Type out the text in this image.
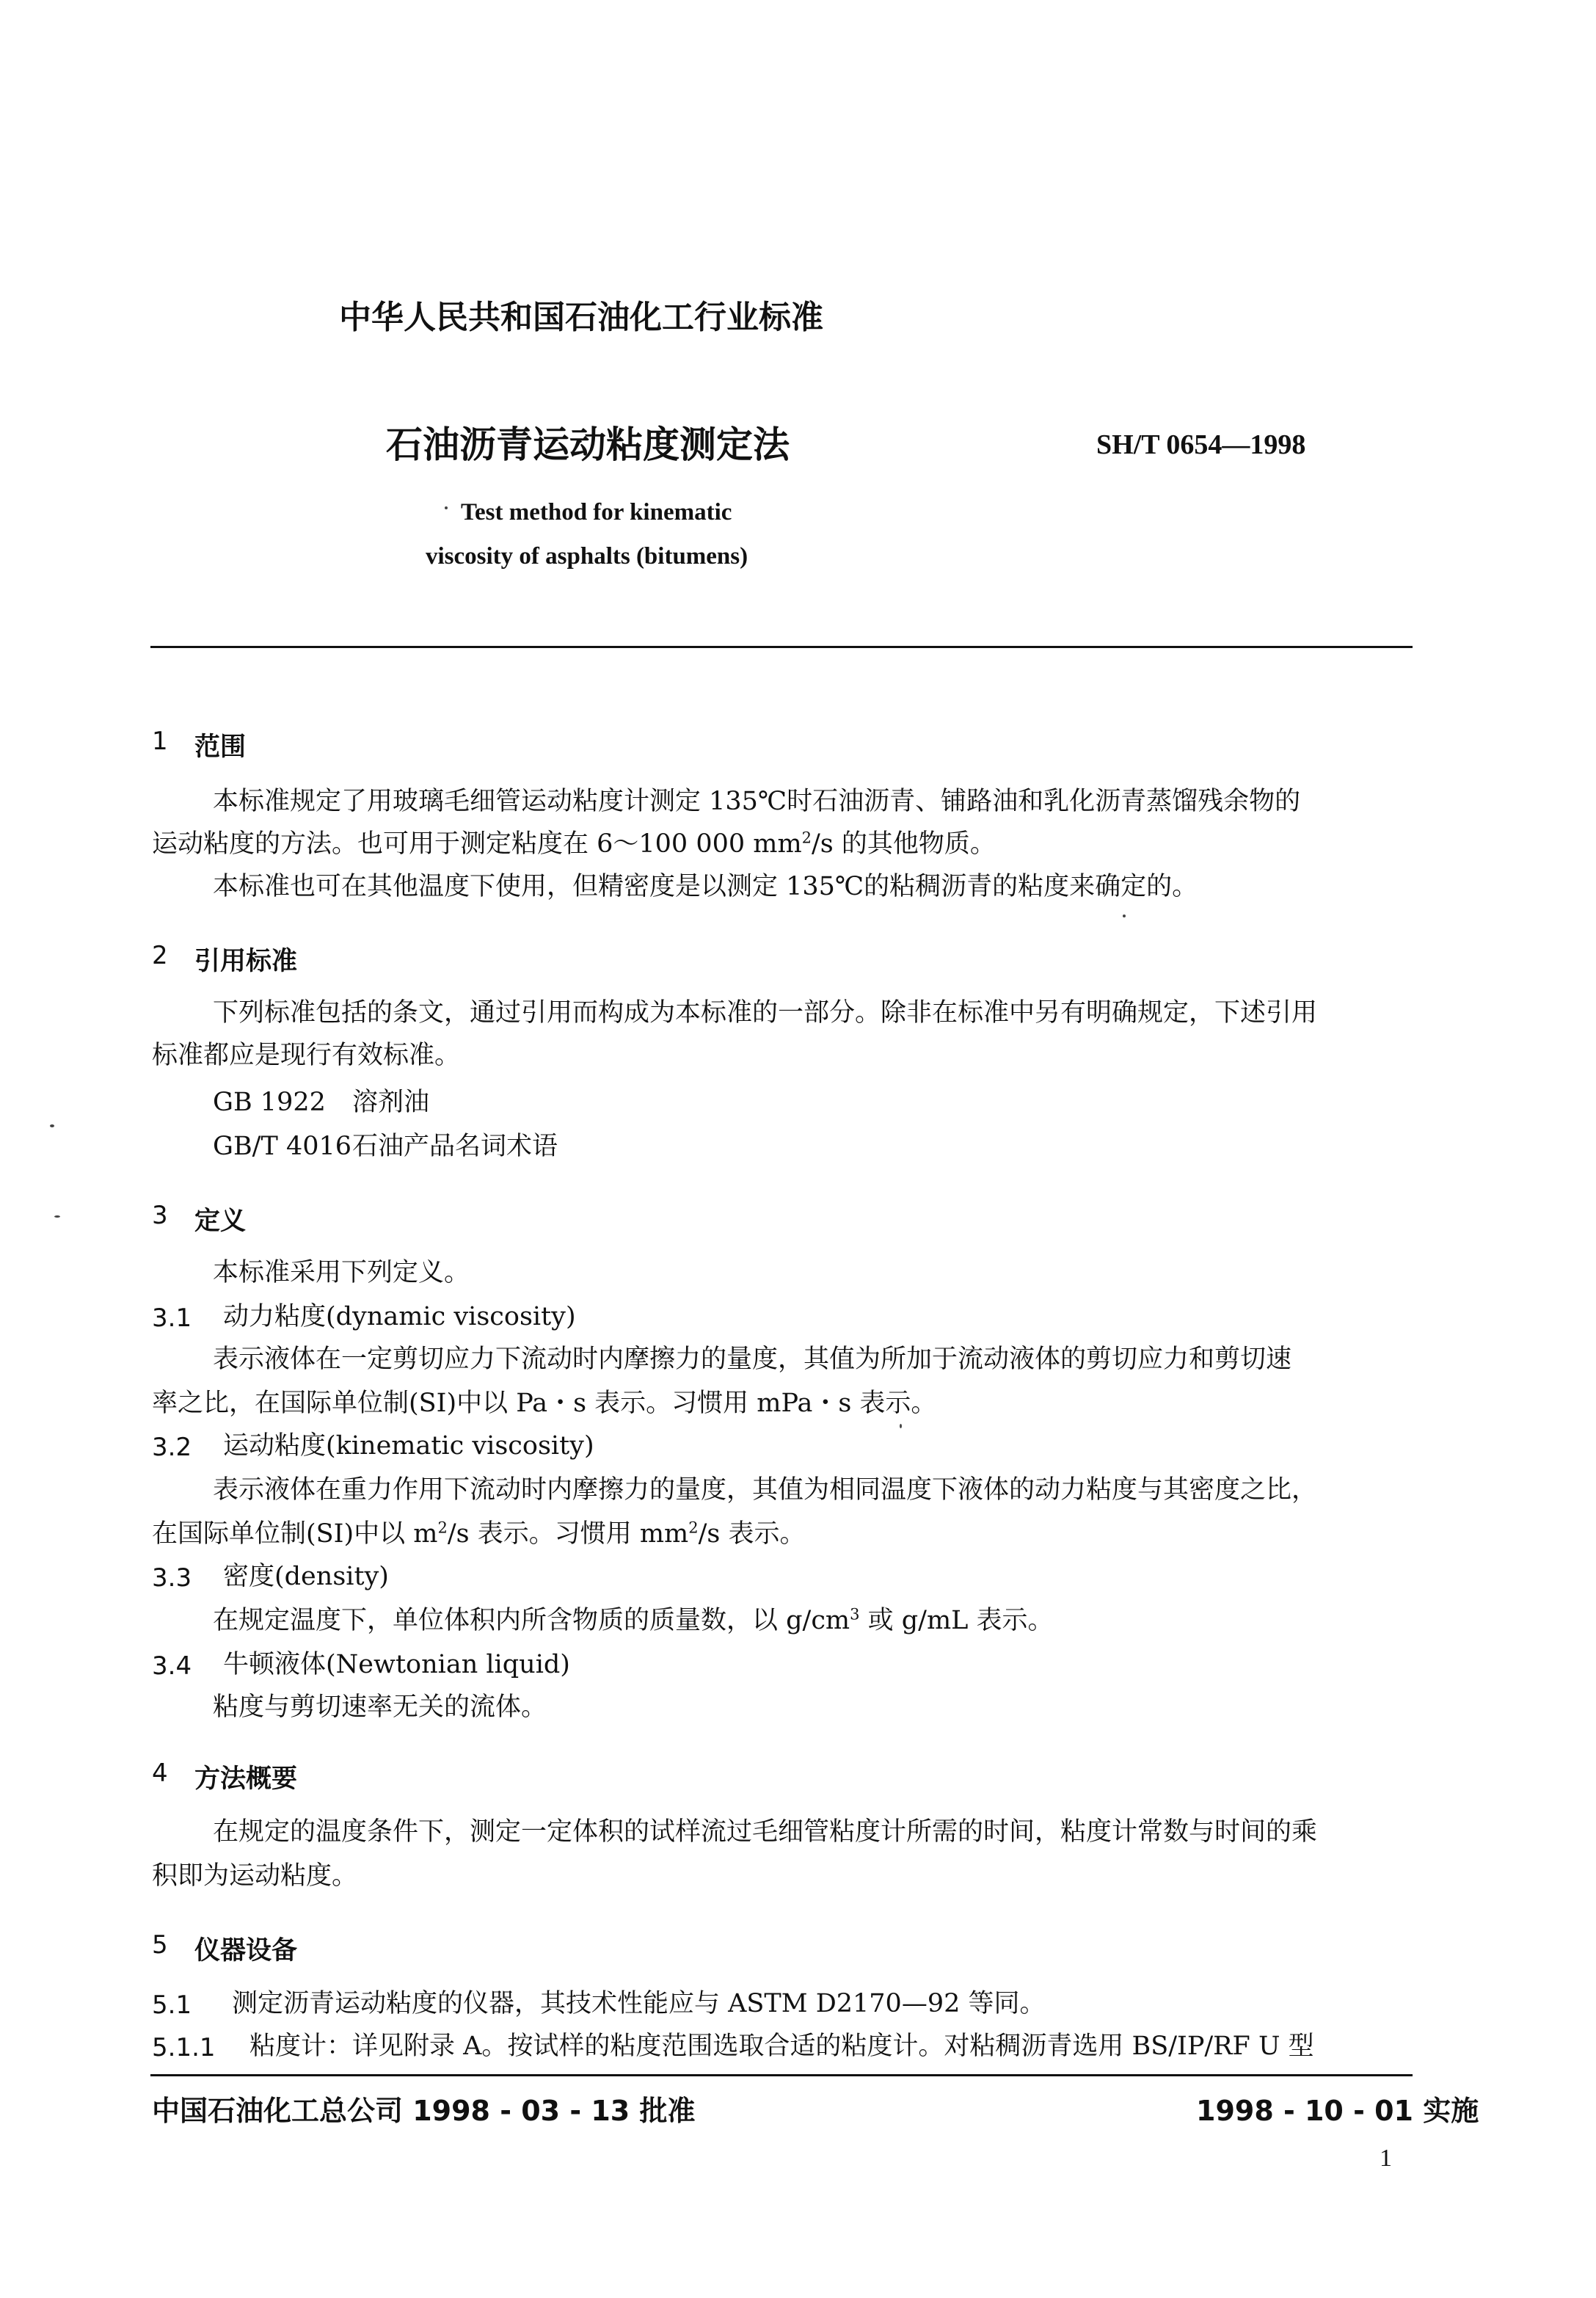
中华人民共和国石油化工行业标准
石油沥青运动粘度测定法	SH/T 0654—1998
Test method for kinematic
viscosity of asphalts (bitumens)
1 范围
本标准规定了用玻璃毛细管运动粘度计测定 135℃时石油沥青、铺路油和乳化沥青蒸馏残余物的
运动粘度的方法。也可用于测定粘度在 6～100 000 $mm^2/s$ 的其他物质。
本标准也可在其他温度下使用，但精密度是以测定 135℃的粘稠沥青的粘度来确定的。
2 引用标准
下列标准包括的条文，通过引用而构成为本标准的一部分。除非在标准中另有明确规定，下述引用
标准都应是现行有效标准。
GB 1922 溶剂油
GB/T 4016 石油产品名词术语
3 定义
本标准采用下列定义。
3.1 动力粘度(dynamic viscosity)
表示液体在一定剪切应力下流动时内摩擦力的量度，其值为所加于流动液体的剪切应力和剪切速
率之比，在国际单位制(SI)中以 Pa・s 表示。习惯用 mPa・s 表示。
3.2 运动粘度(kinematic viscosity)
表示液体在重力作用下流动时内摩擦力的量度，其值为相同温度下液体的动力粘度与其密度之比，
在国际单位制(SI)中以 $m^2/s$ 表示。习惯用 $mm^2/s$ 表示。
3.3 密度(density)
在规定温度下，单位体积内所含物质的质量数，以 $g/cm^3$ 或 g/mL 表示。
3.4 牛顿液体(Newtonian liquid)
粘度与剪切速率无关的流体。
4 方法概要
在规定的温度条件下，测定一定体积的试样流过毛细管粘度计所需的时间，粘度计常数与时间的乘
积即为运动粘度。
5 仪器设备
5.1 测定沥青运动粘度的仪器，其技术性能应与 ASTM D2170—92 等同。
5.1.1 粘度计：详见附录 A。按试样的粘度范围选取合适的粘度计。对粘稠沥青选用 BS/IP/RF U 型
中国石油化工总公司 1998 - 03 - 13 批准	1998 - 10 - 01 实施
1
